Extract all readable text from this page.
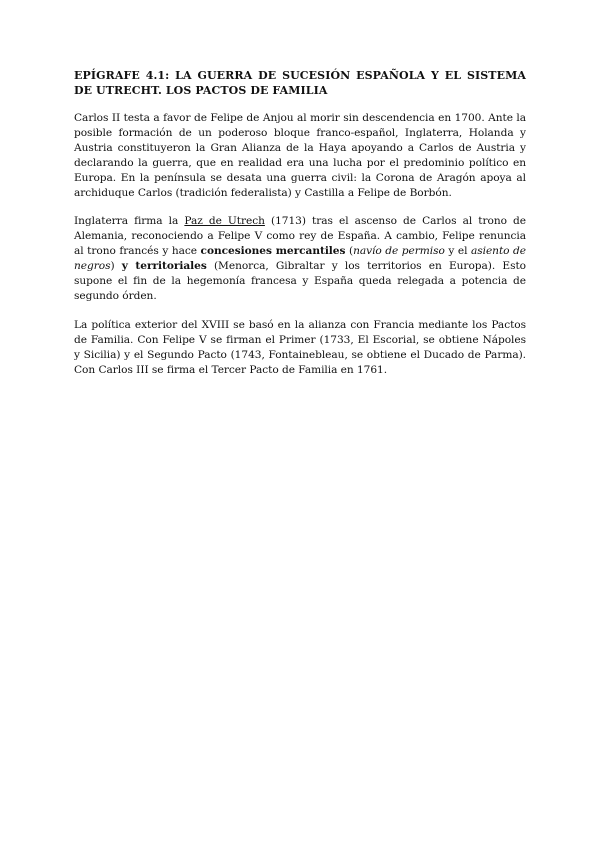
EPÍGRAFE 4.1: LA GUERRA DE SUCESIÓN ESPAÑOLA Y EL SISTEMA DE UTRECHT. LOS PACTOS DE FAMILIA

Carlos II testa a favor de Felipe de Anjou al morir sin descendencia en 1700. Ante la posible formación de un poderoso bloque franco-español, Inglaterra, Holanda y Austria constituyeron la Gran Alianza de la Haya apoyando a Carlos de Austria y declarando la guerra, que en realidad era una lucha por el predominio político en Europa. En la península se desata una guerra civil: la Corona de Aragón apoya al archiduque Carlos (tradición federalista) y Castilla a Felipe de Borbón.

Inglaterra firma la Paz de Utrech (1713) tras el ascenso de Carlos al trono de Alemania, reconociendo a Felipe V como rey de España. A cambio, Felipe renuncia al trono francés y hace concesiones mercantiles (navío de permiso y el asiento de negros) y territoriales (Menorca, Gibraltar y los territorios en Europa). Esto supone el fin de la hegemonía francesa y España queda relegada a potencia de segundo órden.

La política exterior del XVIII se basó en la alianza con Francia mediante los Pactos de Familia. Con Felipe V se firman el Primer (1733, El Escorial, se obtiene Nápoles y Sicilia) y el Segundo Pacto (1743, Fontainebleau, se obtiene el Ducado de Parma). Con Carlos III se firma el Tercer Pacto de Familia en 1761.
